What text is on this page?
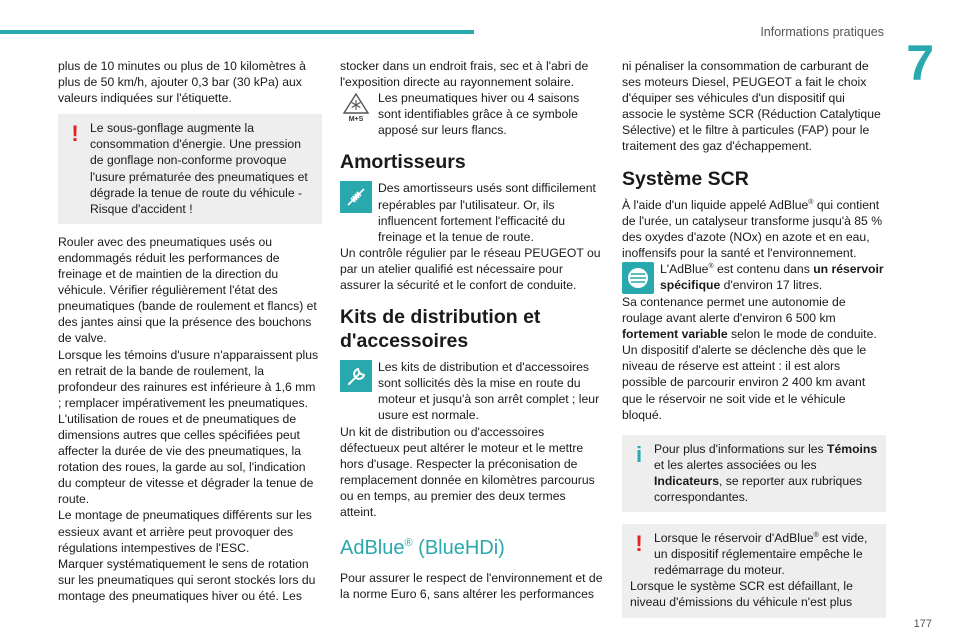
Informations pratiques
7
177

plus de 10 minutes ou plus de 10 kilomètres à plus de 50 km/h, ajouter 0,3 bar (30 kPa) aux valeurs indiquées sur l'étiquette.

! Le sous-gonflage augmente la consommation d'énergie. Une pression de gonflage non-conforme provoque l'usure prématurée des pneumatiques et dégrade la tenue de route du véhicule - Risque d'accident !

Rouler avec des pneumatiques usés ou endommagés réduit les performances de freinage et de maintien de la direction du véhicule. Vérifier régulièrement l'état des pneumatiques (bande de roulement et flancs) et des jantes ainsi que la présence des bouchons de valve.

Lorsque les témoins d'usure n'apparaissent plus en retrait de la bande de roulement, la profondeur des rainures est inférieure à 1,6 mm ; remplacer impérativement les pneumatiques.

L'utilisation de roues et de pneumatiques de dimensions autres que celles spécifiées peut affecter la durée de vie des pneumatiques, la rotation des roues, la garde au sol, l'indication du compteur de vitesse et dégrader la tenue de route.

Le montage de pneumatiques différents sur les essieux avant et arrière peut provoquer des régulations intempestives de l'ESC.

Marquer systématiquement le sens de rotation sur les pneumatiques qui seront stockés lors du montage des pneumatiques hiver ou été. Les

stocker dans un endroit frais, sec et à l'abri de l'exposition directe au rayonnement solaire.

M+S

Les pneumatiques hiver ou 4 saisons sont identifiables grâce à ce symbole apposé sur leurs flancs.

Amortisseurs

Des amortisseurs usés sont difficilement repérables par l'utilisateur. Or, ils influencent fortement l'efficacité du freinage et la tenue de route.

Un contrôle régulier par le réseau PEUGEOT ou par un atelier qualifié est nécessaire pour assurer la sécurité et le confort de conduite.

Kits de distribution et d'accessoires

Les kits de distribution et d'accessoires sont sollicités dès la mise en route du moteur et jusqu'à son arrêt complet ; leur usure est normale.

Un kit de distribution ou d'accessoires défectueux peut altérer le moteur et le mettre hors d'usage. Respecter la préconisation de remplacement donnée en kilomètres parcourus ou en temps, au premier des deux termes atteint.

AdBlue® (BlueHDi)

Pour assurer le respect de l'environnement et de la norme Euro 6, sans altérer les performances

ni pénaliser la consommation de carburant de ses moteurs Diesel, PEUGEOT a fait le choix d'équiper ses véhicules d'un dispositif qui associe le système SCR (Réduction Catalytique Sélective) et le filtre à particules (FAP) pour le traitement des gaz d'échappement.

Système SCR

À l'aide d'un liquide appelé AdBlue® qui contient de l'urée, un catalyseur transforme jusqu'à 85 % des oxydes d'azote (NOx) en azote et en eau, inoffensifs pour la santé et l'environnement.

L'AdBlue® est contenu dans un réservoir spécifique d'environ 17 litres.

Sa contenance permet une autonomie de roulage avant alerte d'environ 6 500 km fortement variable selon le mode de conduite.

Un dispositif d'alerte se déclenche dès que le niveau de réserve est atteint : il est alors possible de parcourir environ 2 400 km avant que le réservoir ne soit vide et le véhicule bloqué.

i Pour plus d'informations sur les Témoins et les alertes associées ou les Indicateurs, se reporter aux rubriques correspondantes.

! Lorsque le réservoir d'AdBlue® est vide, un dispositif réglementaire empêche le redémarrage du moteur.

Lorsque le système SCR est défaillant, le niveau d'émissions du véhicule n'est plus
